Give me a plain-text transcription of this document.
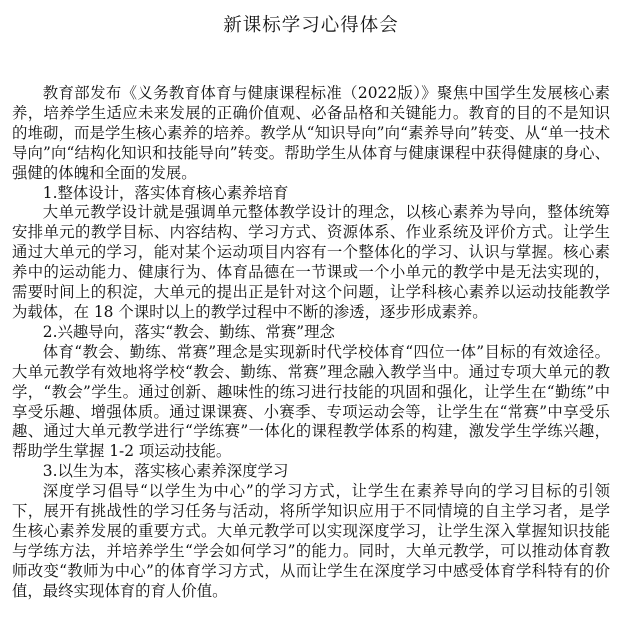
新课标学习心得体会

教育部发布《义务教育体育与健康课程标准（2022版）》聚焦中国学生发展核心素养，培养学生适应未来发展的正确价值观、必备品格和关键能力。教育的目的不是知识的堆砌，而是学生核心素养的培养。教学从“知识导向”向“素养导向”转变、从“单一技术导向”向“结构化知识和技能导向”转变。帮助学生从体育与健康课程中获得健康的身心、强健的体魄和全面的发展。

1.整体设计，落实体育核心素养培育

大单元教学设计就是强调单元整体教学设计的理念，以核心素养为导向，整体统筹安排单元的教学目标、内容结构、学习方式、资源体系、作业系统及评价方式。让学生通过大单元的学习，能对某个运动项目内容有一个整体化的学习、认识与掌握。核心素养中的运动能力、健康行为、体育品德在一节课或一个小单元的教学中是无法实现的，需要时间上的积淀，大单元的提出正是针对这个问题，让学科核心素养以运动技能教学为载体，在 18 个课时以上的教学过程中不断的渗透，逐步形成素养。

2.兴趣导向，落实“教会、勤练、常赛”理念

体育“教会、勤练、常赛”理念是实现新时代学校体育“四位一体”目标的有效途径。大单元教学有效地将学校“教会、勤练、常赛”理念融入教学当中。通过专项大单元的教学，“教会”学生。通过创新、趣味性的练习进行技能的巩固和强化，让学生在“勤练”中享受乐趣、增强体质。通过课课赛、小赛季、专项运动会等，让学生在“常赛”中享受乐趣、通过大单元教学进行“学练赛”一体化的课程教学体系的构建，激发学生学练兴趣，帮助学生掌握 1-2 项运动技能。

3.以生为本，落实核心素养深度学习

深度学习倡导“以学生为中心”的学习方式，让学生在素养导向的学习目标的引领下，展开有挑战性的学习任务与活动，将所学知识应用于不同情境的自主学习者，是学生核心素养发展的重要方式。大单元教学可以实现深度学习，让学生深入掌握知识技能与学练方法，并培养学生“学会如何学习”的能力。同时，大单元教学，可以推动体育教师改变“教师为中心”的体育学习方式，从而让学生在深度学习中感受体育学科特有的价值，最终实现体育的育人价值。
